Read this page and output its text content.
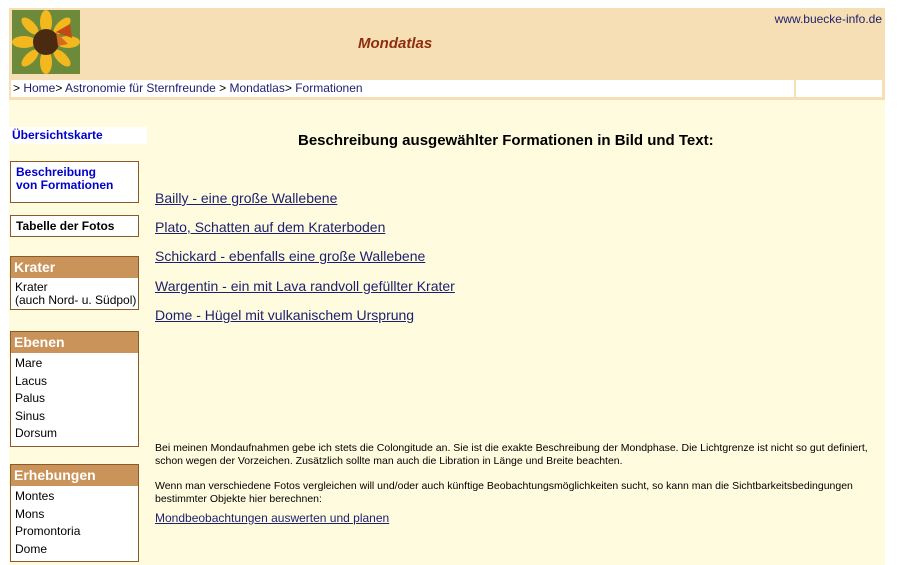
www.buecke-info.de
Mondatlas
> Home> Astronomie für Sternfreunde > Mondatlas> Formationen
Übersichtskarte
Beschreibung
von Formationen
Tabelle der Fotos
Krater
Krater
(auch Nord- u. Südpol)
Ebenen
Mare
Lacus
Palus
Sinus
Dorsum
Erhebungen
Montes
Mons
Promontoria
Dome
Beschreibung ausgewählter Formationen in Bild und Text:
Bailly - eine große Wallebene
Plato, Schatten auf dem Kraterboden
Schickard - ebenfalls eine große Wallebene
Wargentin - ein mit Lava randvoll gefüllter Krater
Dome - Hügel mit vulkanischem Ursprung
Bei meinen Mondaufnahmen gebe ich stets die Colongitude an. Sie ist die exakte Beschreibung der Mondphase. Die Lichtgrenze ist nicht so gut definiert, schon wegen der Vorzeichen. Zusätzlich sollte man auch die Libration in Länge und Breite beachten.
Wenn man verschiedene Fotos vergleichen will und/oder auch künftige Beobachtungsmöglichkeiten sucht, so kann man die Sichtbarkeitsbedingungen bestimmter Objekte hier berechnen:
Mondbeobachtungen auswerten und planen
